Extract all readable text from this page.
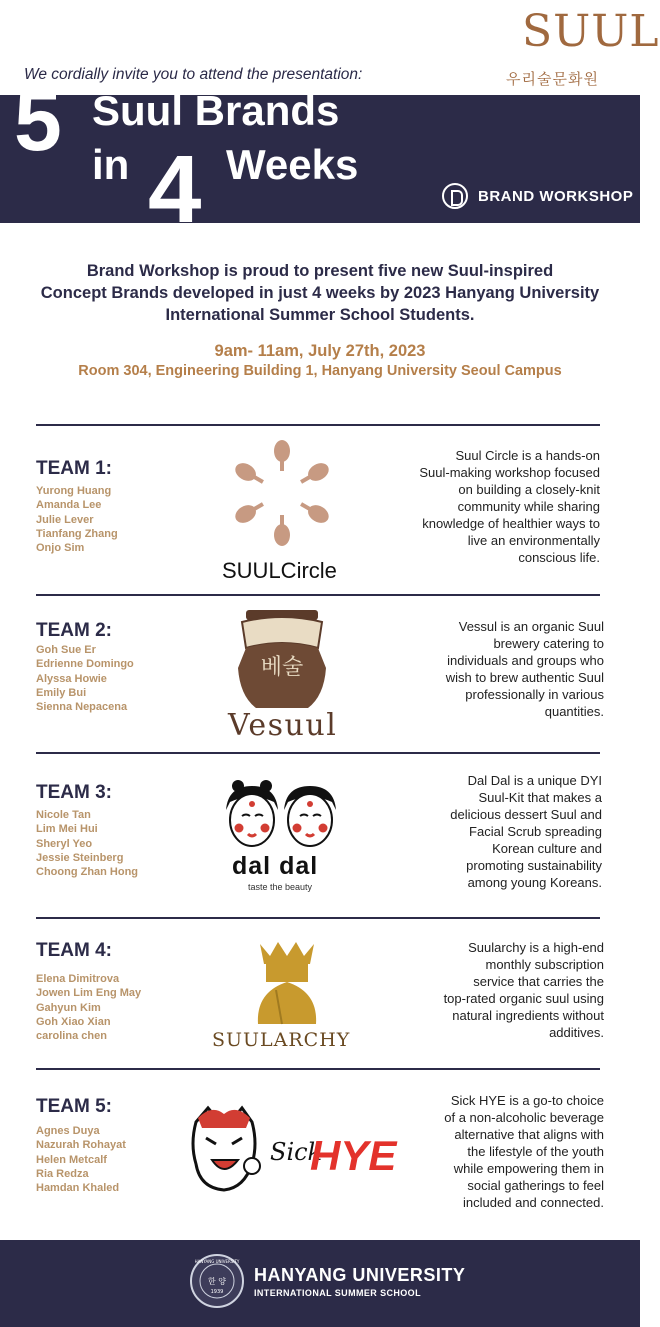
We cordially invite you to attend the presentation:
SUUL
우리술문화원
5 Suul Brands
in 4 Weeks
BRAND WORKSHOP
Brand Workshop is proud to present five new Suul-inspired
Concept Brands developed in just 4 weeks by 2023 Hanyang University
International Summer School Students.
9am- 11am, July 27th, 2023
Room 304, Engineering Building 1, Hanyang University Seoul Campus
TEAM 1:
Yurong Huang
Amanda Lee
Julie Lever
Tianfang Zhang
Onjo Sim
SUULCircle
Suul Circle is a hands-on
Suul-making workshop focused
on building a closely-knit
community while sharing
knowledge of healthier ways to
live an environmentally
conscious life.
TEAM 2:
Goh Sue Er
Edrienne Domingo
Alyssa Howie
Emily Bui
Sienna Nepacena
베술
Vesuul
Vessul is an organic Suul
brewery catering to
individuals and groups who
wish to brew authentic Suul
professionally in various
quantities.
TEAM 3:
Nicole Tan
Lim Mei Hui
Sheryl Yeo
Jessie Steinberg
Choong Zhan Hong	dal dal
taste the beauty
Dal Dal is a unique DYI
Suul-Kit that makes a
delicious dessert Suul and
Facial Scrub spreading
Korean culture and
promoting sustainability
among young Koreans.
TEAM 4:
Elena Dimitrova
Jowen Lim Eng May
Gahyun Kim
Goh Xiao Xian
carolina chen	SUULARCHY
Suularchy is a high-end
monthly subscription
service that carries the
top-rated organic suul using
natural ingredients without
additives.
TEAM 5:
Agnes Duya
Nazurah Rohayat
Helen Metcalf
Ria Redza
Hamdan Khaled
Sick
HYE
Sick HYE is a go-to choice
of a non-alcoholic beverage
alternative that aligns with
the lifestyle of the youth
while empowering them in
social gatherings to feel
included and connected.
한 양
1939
HANYANG UNIVERSITY
HANYANG UNIVERSITY
INTERNATIONAL SUMMER SCHOOL
